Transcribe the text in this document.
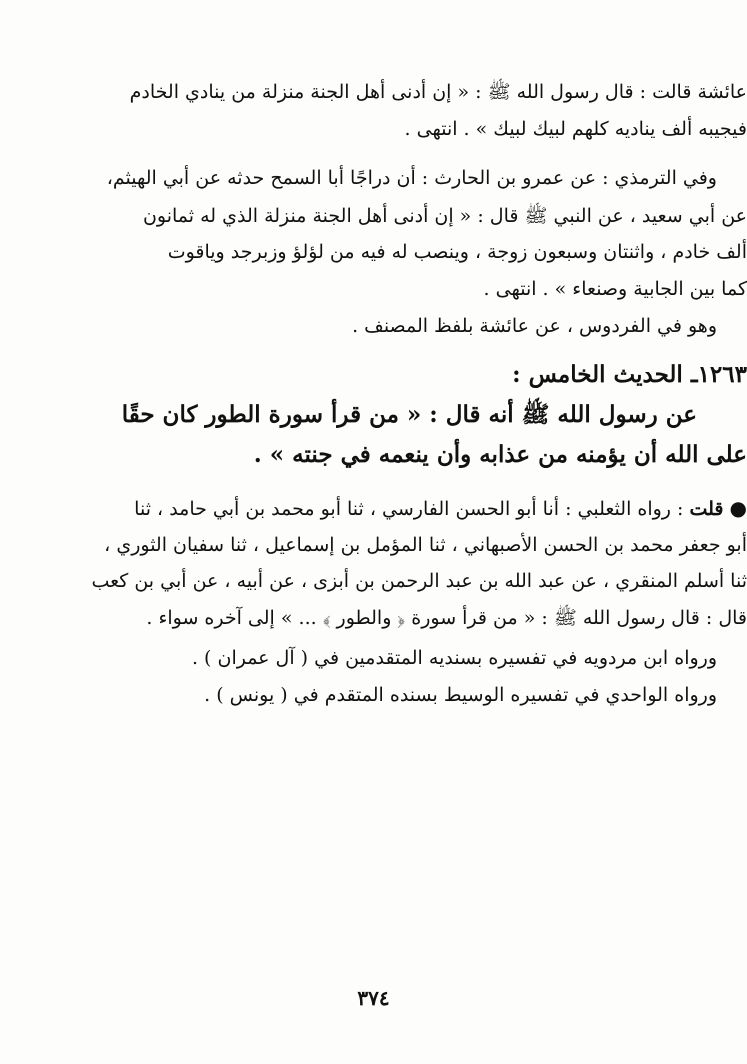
عائشة قالت : قال رسول الله ﷺ : « إن أدنى أهل الجنة منزلة من ينادي الخادم
فيجيبه ألف يناديه كلهم لبيك لبيك » . انتهى .
وفي الترمذي : عن عمرو بن الحارث : أن دراجًا أبا السمح حدثه عن أبي الهيثم،
عن أبي سعيد ، عن النبي ﷺ قال : « إن أدنى أهل الجنة منزلة الذي له ثمانون
ألف خادم ، واثنتان وسبعون زوجة ، وينصب له فيه من لؤلؤ وزبرجد وياقوت
كما بين الجابية وصنعاء » . انتهى .
وهو في الفردوس ، عن عائشة بلفظ المصنف .
١٢٦٣ـ الحديث الخامس :
عن رسول الله ﷺ أنه قال : « من قرأ سورة الطور كان حقًا
على الله أن يؤمنه من عذابه وأن ينعمه في جنته » .
● قلت : رواه الثعلبي : أنا أبو الحسن الفارسي ، ثنا أبو محمد بن أبي حامد ، ثنا
أبو جعفر محمد بن الحسن الأصبهاني ، ثنا المؤمل بن إسماعيل ، ثنا سفيان الثوري ،
ثنا أسلم المنقري ، عن عبد الله بن عبد الرحمن بن أبزى ، عن أبيه ، عن أبي بن كعب
قال : قال رسول الله ﷺ : « من قرأ سورة ﴿ والطور ﴾ ... » إلى آخره سواء .
ورواه ابن مردويه في تفسيره بسنديه المتقدمين في ( آل عمران ) .
ورواه الواحدي في تفسيره الوسيط بسنده المتقدم في ( يونس ) .
٣٧٤
